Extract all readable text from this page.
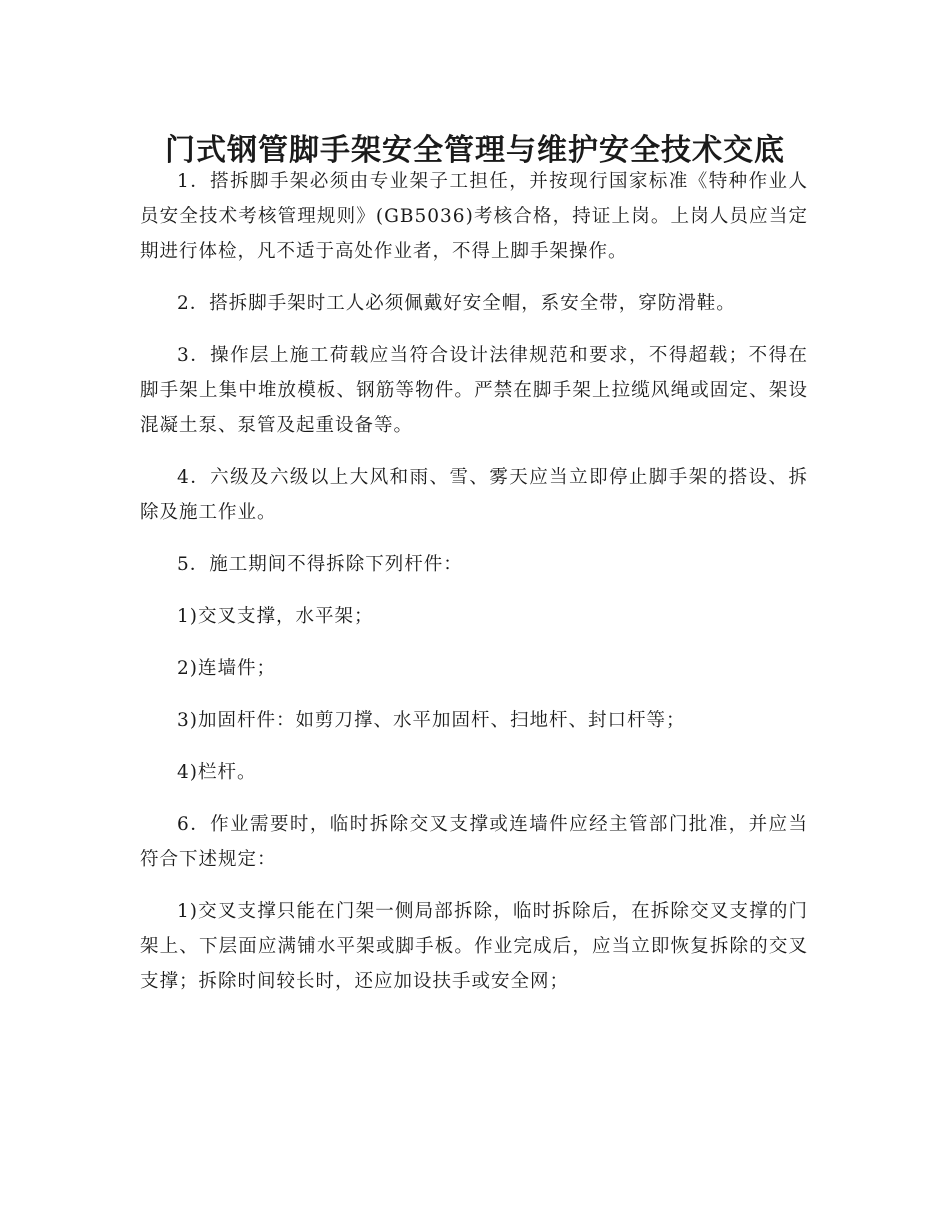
门式钢管脚手架安全管理与维护安全技术交底

1．搭拆脚手架必须由专业架子工担任，并按现行国家标准《特种作业人员安全技术考核管理规则》(GB5036)考核合格，持证上岗。上岗人员应当定期进行体检，凡不适于高处作业者，不得上脚手架操作。

2．搭拆脚手架时工人必须佩戴好安全帽，系安全带，穿防滑鞋。

3．操作层上施工荷载应当符合设计法律规范和要求，不得超载；不得在脚手架上集中堆放模板、钢筋等物件。严禁在脚手架上拉缆风绳或固定、架设混凝土泵、泵管及起重设备等。

4．六级及六级以上大风和雨、雪、雾天应当立即停止脚手架的搭设、拆除及施工作业。

5．施工期间不得拆除下列杆件：

1)交叉支撑，水平架；

2)连墙件；

3)加固杆件：如剪刀撑、水平加固杆、扫地杆、封口杆等；

4)栏杆。

6．作业需要时，临时拆除交叉支撑或连墙件应经主管部门批准，并应当符合下述规定：

1)交叉支撑只能在门架一侧局部拆除，临时拆除后，在拆除交叉支撑的门架上、下层面应满铺水平架或脚手板。作业完成后，应当立即恢复拆除的交叉支撑；拆除时间较长时，还应加设扶手或安全网；
